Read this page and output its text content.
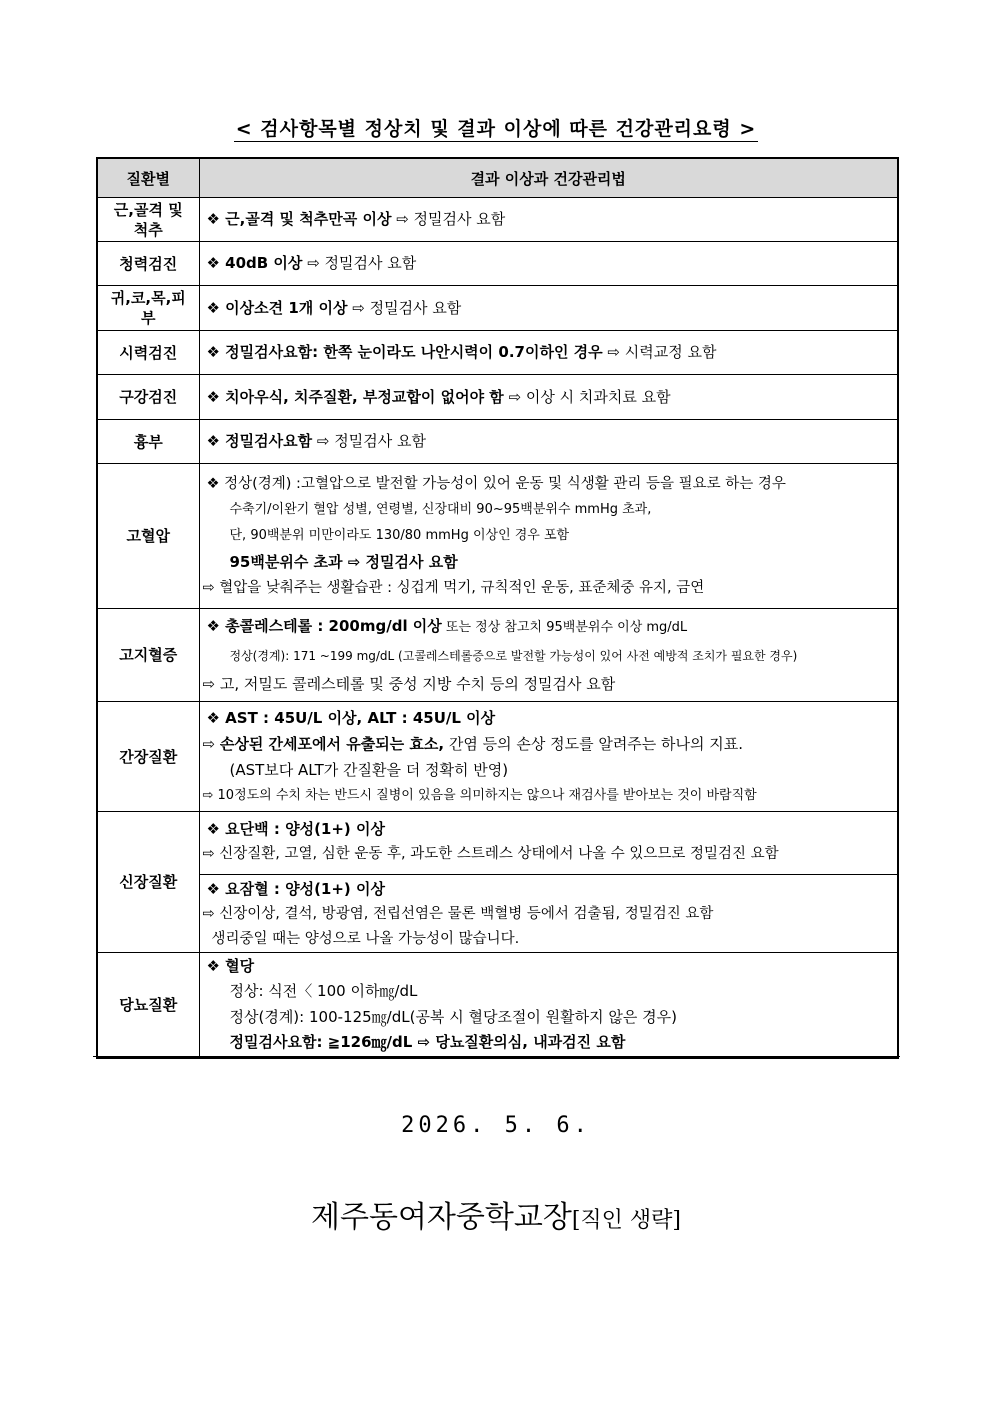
< 검사항목별 정상치 및 결과 이상에 따른 건강관리요령 >
질환별	결과 이상과 건강관리법
근,골격 및 척추	❖ 근,골격 및 척추만곡 이상 ⇨ 정밀검사 요함
청력검진	❖ 40dB 이상 ⇨ 정밀검사 요함
귀,코,목,피부	❖ 이상소견 1개 이상 ⇨ 정밀검사 요함
시력검진	❖ 정밀검사요함: 한쪽 눈이라도 나안시력이 0.7이하인 경우 ⇨ 시력교정 요함
구강검진	❖ 치아우식, 치주질환, 부정교합이 없어야 함 ⇨ 이상 시 치과치료 요함
흉부	❖ 정밀검사요함 ⇨ 정밀검사 요함
고혈압	❖ 정상(경계) :고혈압으로 발전할 가능성이 있어 운동 및 식생활 관리 등을 필요로 하는 경우
수축기/이완기 혈압 성별, 연령별, 신장대비 90~95백분위수 mmHg 초과,
단, 90백분위 미만이라도 130/80 mmHg 이상인 경우 포함
95백분위수 초과 ⇨ 정밀검사 요함
⇨ 혈압을 낮춰주는 생활습관 : 싱겁게 먹기, 규칙적인 운동, 표준체중 유지, 금연

고지혈증	❖ 총콜레스테롤 : 200mg/dl 이상 또는 정상 참고치 95백분위수 이상 mg/dL
정상(경계): 171 ~199 mg/dL (고콜레스테롤증으로 발전할 가능성이 있어 사전 예방적 조치가 필요한 경우)
⇨ 고, 저밀도 콜레스테롤 및 중성 지방 수치 등의 정밀검사 요함

간장질환	❖ AST : 45U/L 이상, ALT : 45U/L 이상
⇨ 손상된 간세포에서 유출되는 효소, 간염 등의 손상 정도를 알려주는 하나의 지표.
(AST보다 ALT가 간질환을 더 정확히 반영)
⇨ 10정도의 수치 차는 반드시 질병이 있음을 의미하지는 않으나 재검사를 받아보는 것이 바람직함

신장질환	❖ 요단백 : 양성(1+) 이상
⇨ 신장질환, 고열, 심한 운동 후, 과도한 스트레스 상태에서 나올 수 있으므로 정밀검진 요함
❖ 요잠혈 : 양성(1+) 이상
⇨ 신장이상, 결석, 방광염, 전립선염은 물론 백혈병 등에서 검출됨, 정밀검진 요함
생리중일 때는 양성으로 나올 가능성이 많습니다.

당뇨질환	❖ 혈당
정상: 식전〈 100 이하㎎/dL
정상(경계): 100-125㎎/dL(공복 시 혈당조절이 원활하지 않은 경우)
정밀검사요함: ≧126㎎/dL ⇨ 당뇨질환의심, 내과검진 요함
2026. 5. 6.
제주동여자중학교장[직인 생략]
